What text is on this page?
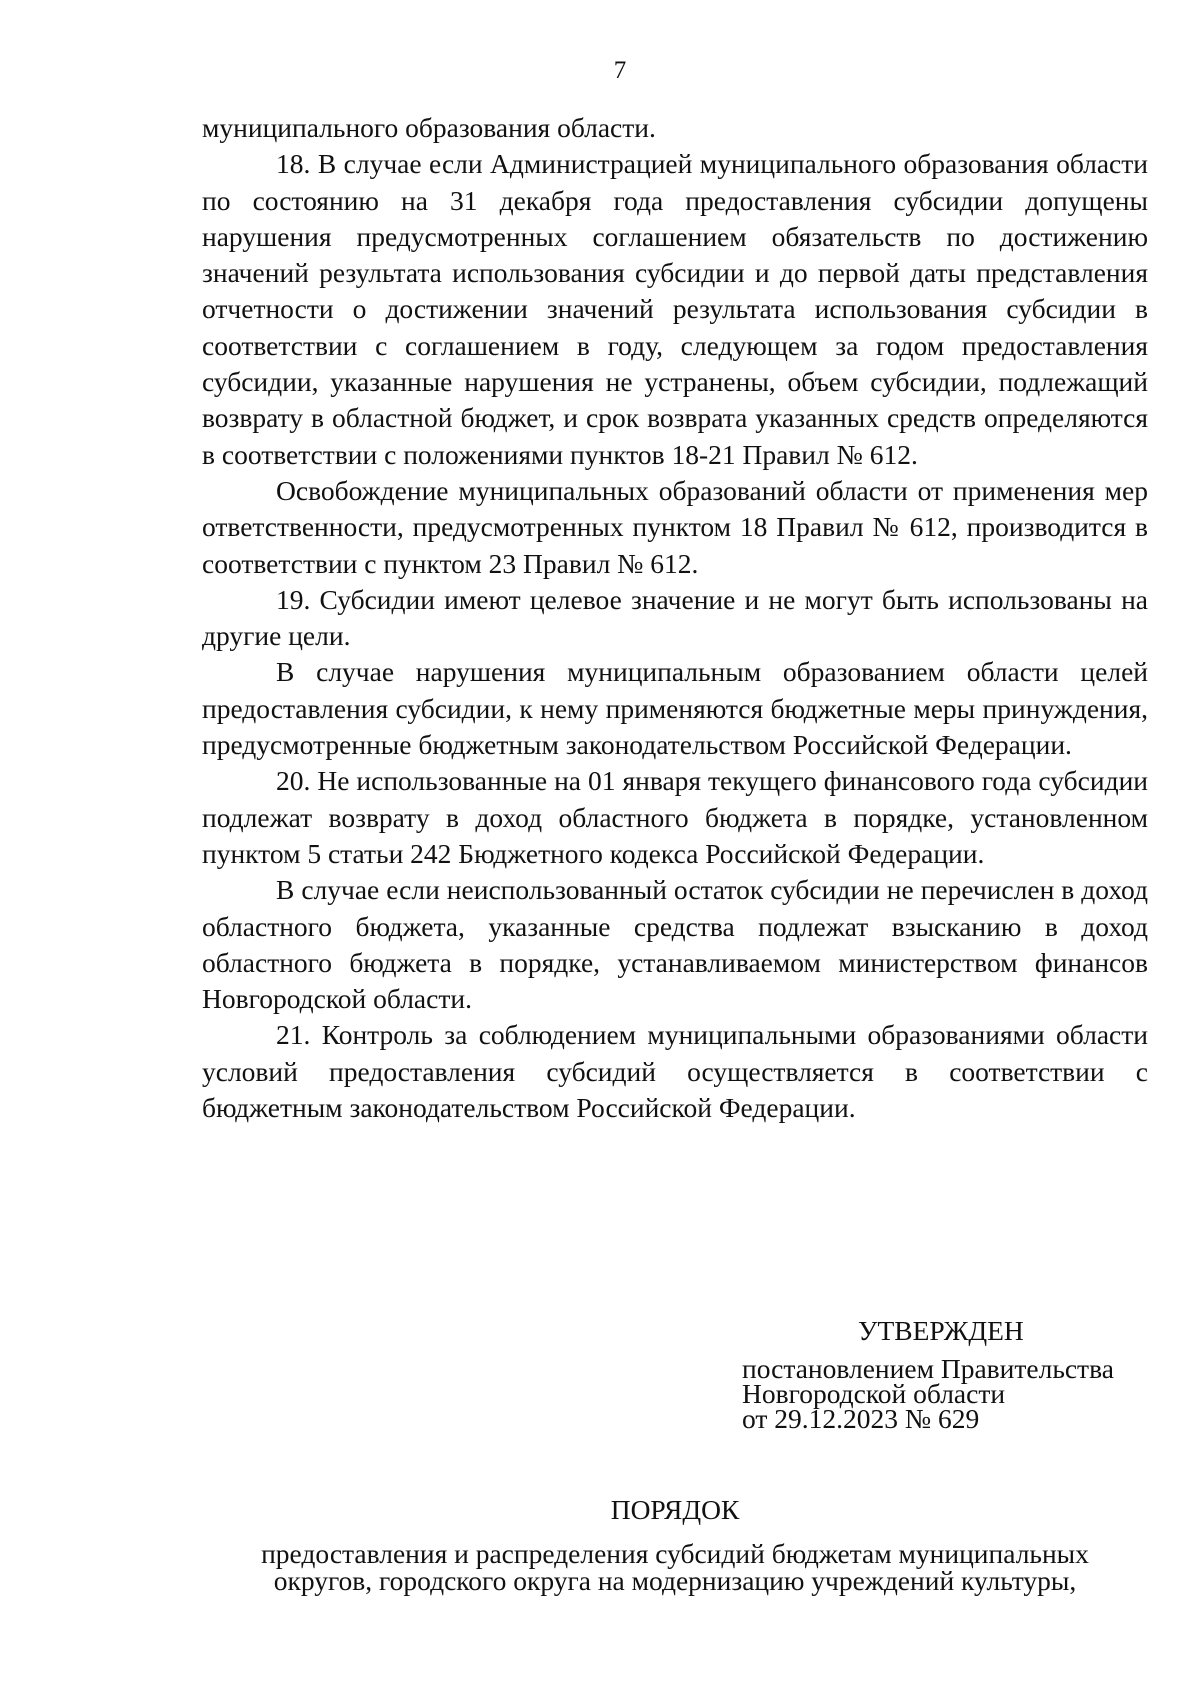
7

муниципального образования области.

18. В случае если Администрацией муниципального образования области по состоянию на 31 декабря года предоставления субсидии допущены нарушения предусмотренных соглашением обязательств по достижению значений результата использования субсидии и до первой даты представления отчетности о достижении значений результата использования субсидии в соответствии с соглашением в году, следующем за годом предоставления субсидии, указанные нарушения не устранены, объем субсидии, подлежащий возврату в областной бюджет, и срок возврата указанных средств определяются в соответствии с положениями пунктов 18-21 Правил № 612.

Освобождение муниципальных образований области от применения мер ответственности, предусмотренных пунктом 18 Правил № 612, производится в соответствии с пунктом 23 Правил № 612.

19. Субсидии имеют целевое значение и не могут быть использованы на другие цели.

В случае нарушения муниципальным образованием области целей предоставления субсидии, к нему применяются бюджетные меры принуждения, предусмотренные бюджетным законодательством Российской Федерации.

20. Не использованные на 01 января текущего финансового года субсидии подлежат возврату в доход областного бюджета в порядке, установленном пунктом 5 статьи 242 Бюджетного кодекса Российской Федерации.

В случае если неиспользованный остаток субсидии не перечислен в доход областного бюджета, указанные средства подлежат взысканию в доход областного бюджета в порядке, устанавливаемом министерством финансов Новгородской области.

21. Контроль за соблюдением муниципальными образованиями области условий предоставления субсидий осуществляется в соответствии с бюджетным законодательством Российской Федерации.

УТВЕРЖДЕН
постановлением Правительства
Новгородской области
от 29.12.2023 № 629
ПОРЯДОК
предоставления и распределения субсидий бюджетам муниципальных
округов, городского округа на модернизацию учреждений культуры,
